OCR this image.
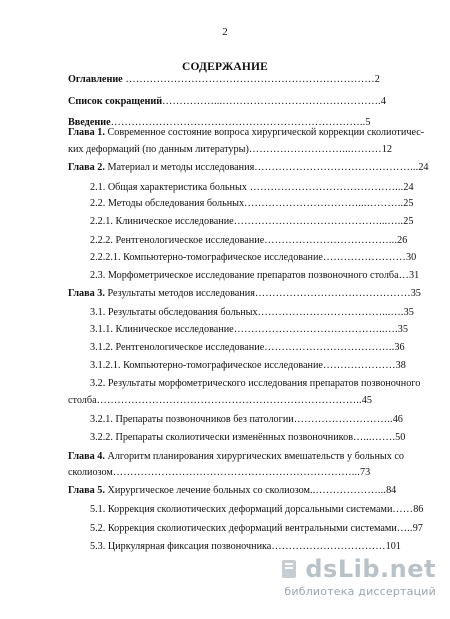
2
СОДЕРЖАНИЕ
Оглавление ………………………………………………………………2
Список сокращений……………...……………………………………….4
Введение………………………………………………………………..5
Глава 1. Современное состояние вопроса хирургической коррекции сколиотичес-
ких деформаций (по данным литературы)………………………...………12
Глава 2. Материал и методы исследования………………………………………...24
2.1. Общая характеристика больных ……………………………………...24
2.2. Методы обследования больных……………………………...………..25
2.2.1. Клиническое исследование……………………………………...…..25
2.2.2. Рентгенологическое исследование………………………………...26
2.2.2.1. Компьютерно-томографическое исследование……………………30
2.3. Морфометрическое исследование препаратов позвоночного столба…31
Глава 3. Результаты методов исследования………………………………………35
3.1. Результаты обследования больных………………………………...….35
3.1.1. Клиническое исследование……………………………………..….35
3.1.2. Рентгенологическое исследование………………………………..36
3.1.2.1. Компьютерно-томографическое исследование…………………38
3.2. Результаты морфометрического исследования препаратов позвоночного
столба…………………………………………………………………..45
3.2.1. Препараты позвоночников без патологии………………………..46
3.2.2. Препараты сколиотически изменённых позвоночников…...…….50
Глава 4. Алгоритм планирования хирургических вмешательств у больных со
сколиозом……………………………………………………………...73
Глава 5. Хирургическое лечение больных со сколиозом..………………...84
5.1. Коррекция сколиотических деформаций дорсальными системами……86
5.2. Коррекция сколиотических деформаций вентральными системами…..97
5.3. Циркулярная фиксация позвоночника……………………………101
dsLib.net
библиотека диссертаций
